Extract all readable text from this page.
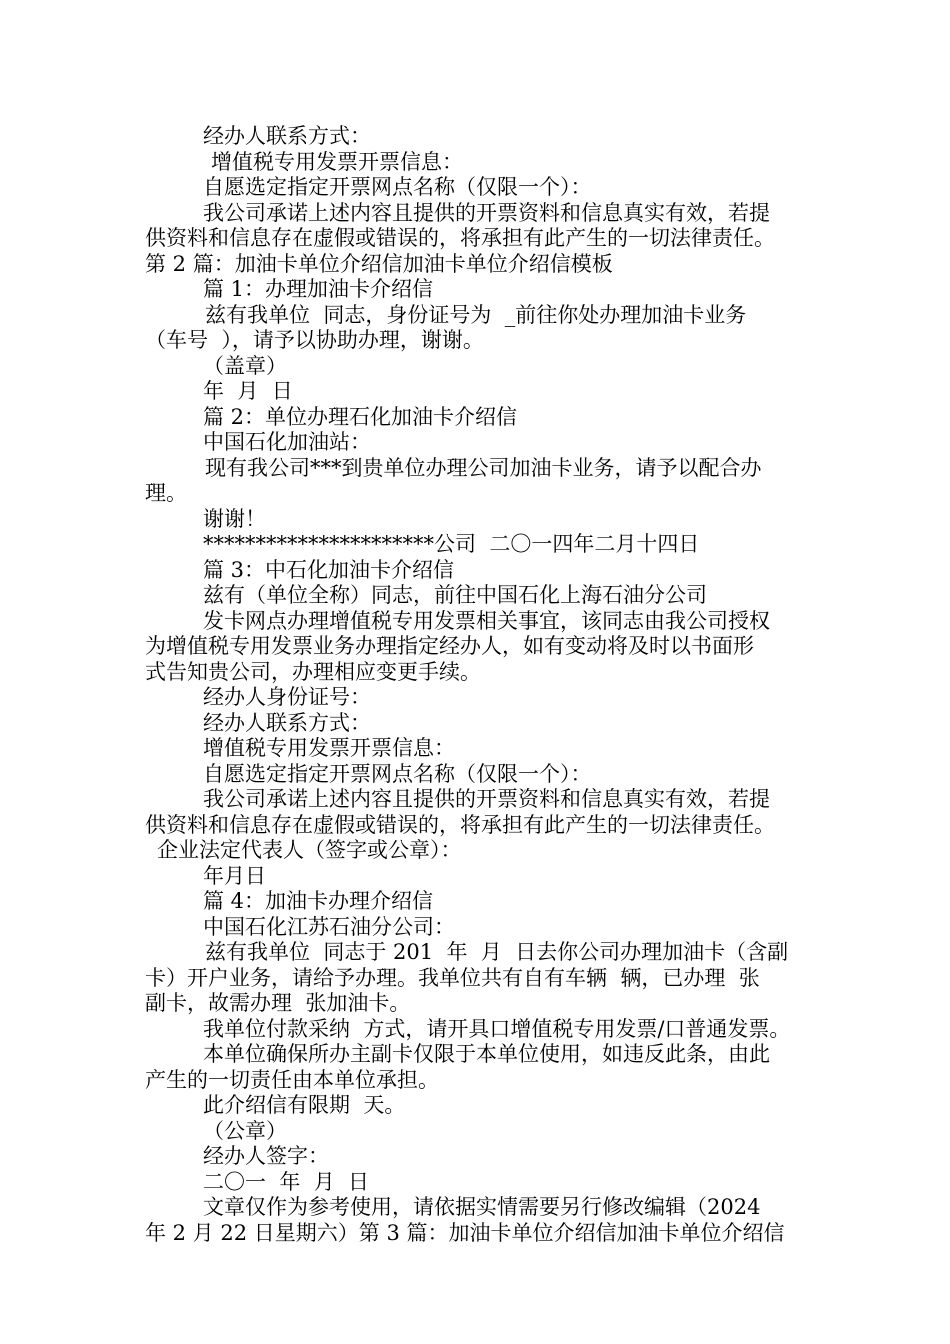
经办人联系方式：
增值税专用发票开票信息：
自愿选定指定开票网点名称（仅限一个）：
我公司承诺上述内容且提供的开票资料和信息真实有效，若提
供资料和信息存在虚假或错误的，将承担有此产生的一切法律责任。
第 2 篇：加油卡单位介绍信加油卡单位介绍信模板
篇 1：办理加油卡介绍信
兹有我单位  同志，身份证号为  _前往你处办理加油卡业务
（车号  ），请予以协助办理，谢谢。
（盖章）
年  月  日
篇 2：单位办理石化加油卡介绍信
中国石化加油站：
现有我公司***到贵单位办理公司加油卡业务，请予以配合办
理。
谢谢！
**********************公司  二〇一四年二月十四日
篇 3：中石化加油卡介绍信
兹有（单位全称）同志，前往中国石化上海石油分公司
发卡网点办理增值税专用发票相关事宜，该同志由我公司授权
为增值税专用发票业务办理指定经办人，如有变动将及时以书面形
式告知贵公司，办理相应变更手续。
经办人身份证号：
经办人联系方式：
增值税专用发票开票信息：
自愿选定指定开票网点名称（仅限一个）：
我公司承诺上述内容且提供的开票资料和信息真实有效，若提
供资料和信息存在虚假或错误的，将承担有此产生的一切法律责任。
企业法定代表人（签字或公章）：
年月日
篇 4：加油卡办理介绍信
中国石化江苏石油分公司：
兹有我单位  同志于 201  年  月  日去你公司办理加油卡（含副
卡）开户业务，请给予办理。我单位共有自有车辆  辆，已办理  张
副卡，故需办理  张加油卡。
我单位付款采纳  方式，请开具口增值税专用发票/口普通发票。
本单位确保所办主副卡仅限于本单位使用，如违反此条，由此
产生的一切责任由本单位承担。
此介绍信有限期  天。
（公章）
经办人签字：
二〇一  年  月  日
文章仅作为参考使用，请依据实情需要另行修改编辑（2024
年 2 月 22 日星期六）第 3 篇：加油卡单位介绍信加油卡单位介绍信
